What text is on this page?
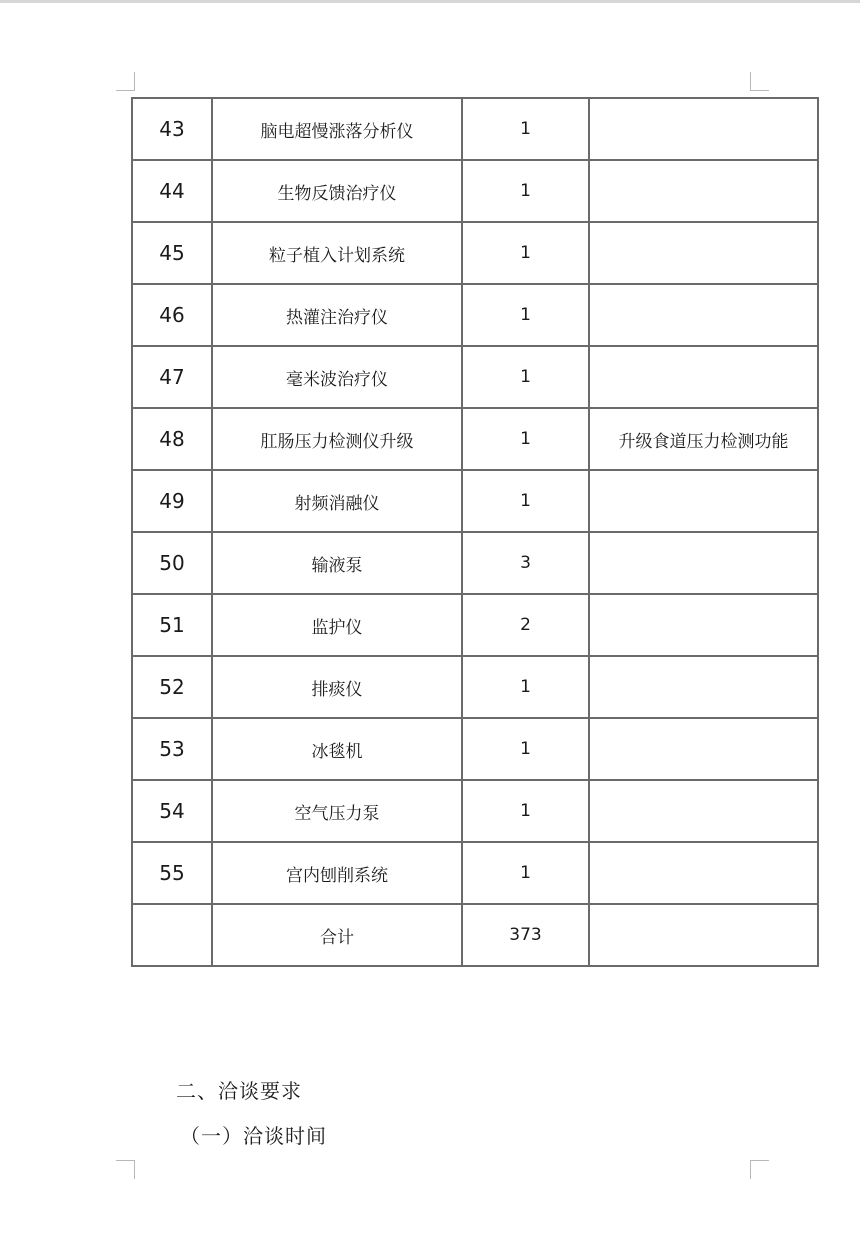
43	脑电超慢涨落分析仪	1	
44	生物反馈治疗仪	1	
45	粒子植入计划系统	1	
46	热灌注治疗仪	1	
47	毫米波治疗仪	1	
48	肛肠压力检测仪升级	1	升级食道压力检测功能
49	射频消融仪	1	
50	输液泵	3	
51	监护仪	2	
52	排痰仪	1	
53	冰毯机	1	
54	空气压力泵	1	
55	宫内刨削系统	1	
	合计	373	
二、洽谈要求
（一）洽谈时间
